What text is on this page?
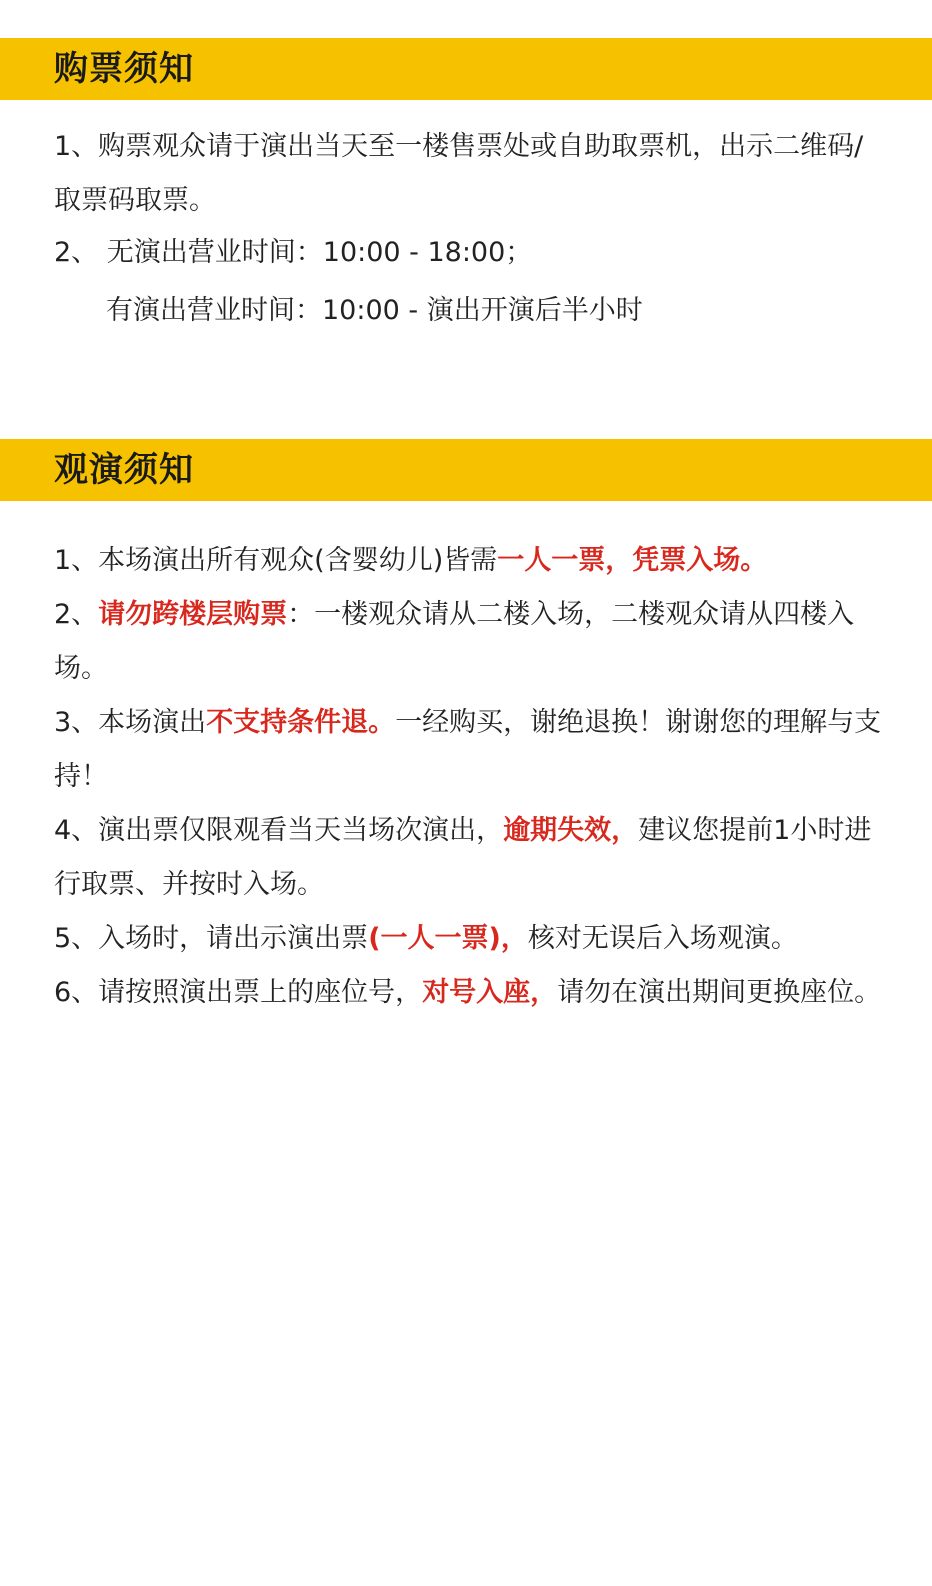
购票须知

1、购票观众请于演出当天至一楼售票处或自助取票机，出示二维码/取票码取票。

2、 无演出营业时间：10:00 - 18:00；

有演出营业时间：10:00 - 演出开演后半小时

观演须知

1、本场演出所有观众(含婴幼儿)皆需一人一票，凭票入场。

2、请勿跨楼层购票：一楼观众请从二楼入场，二楼观众请从四楼入场。

3、本场演出不支持条件退。一经购买，谢绝退换！谢谢您的理解与支持！

4、演出票仅限观看当天当场次演出，逾期失效，建议您提前1小时进行取票、并按时入场。

5、入场时，请出示演出票(一人一票)，核对无误后入场观演。

6、请按照演出票上的座位号，对号入座，请勿在演出期间更换座位。
